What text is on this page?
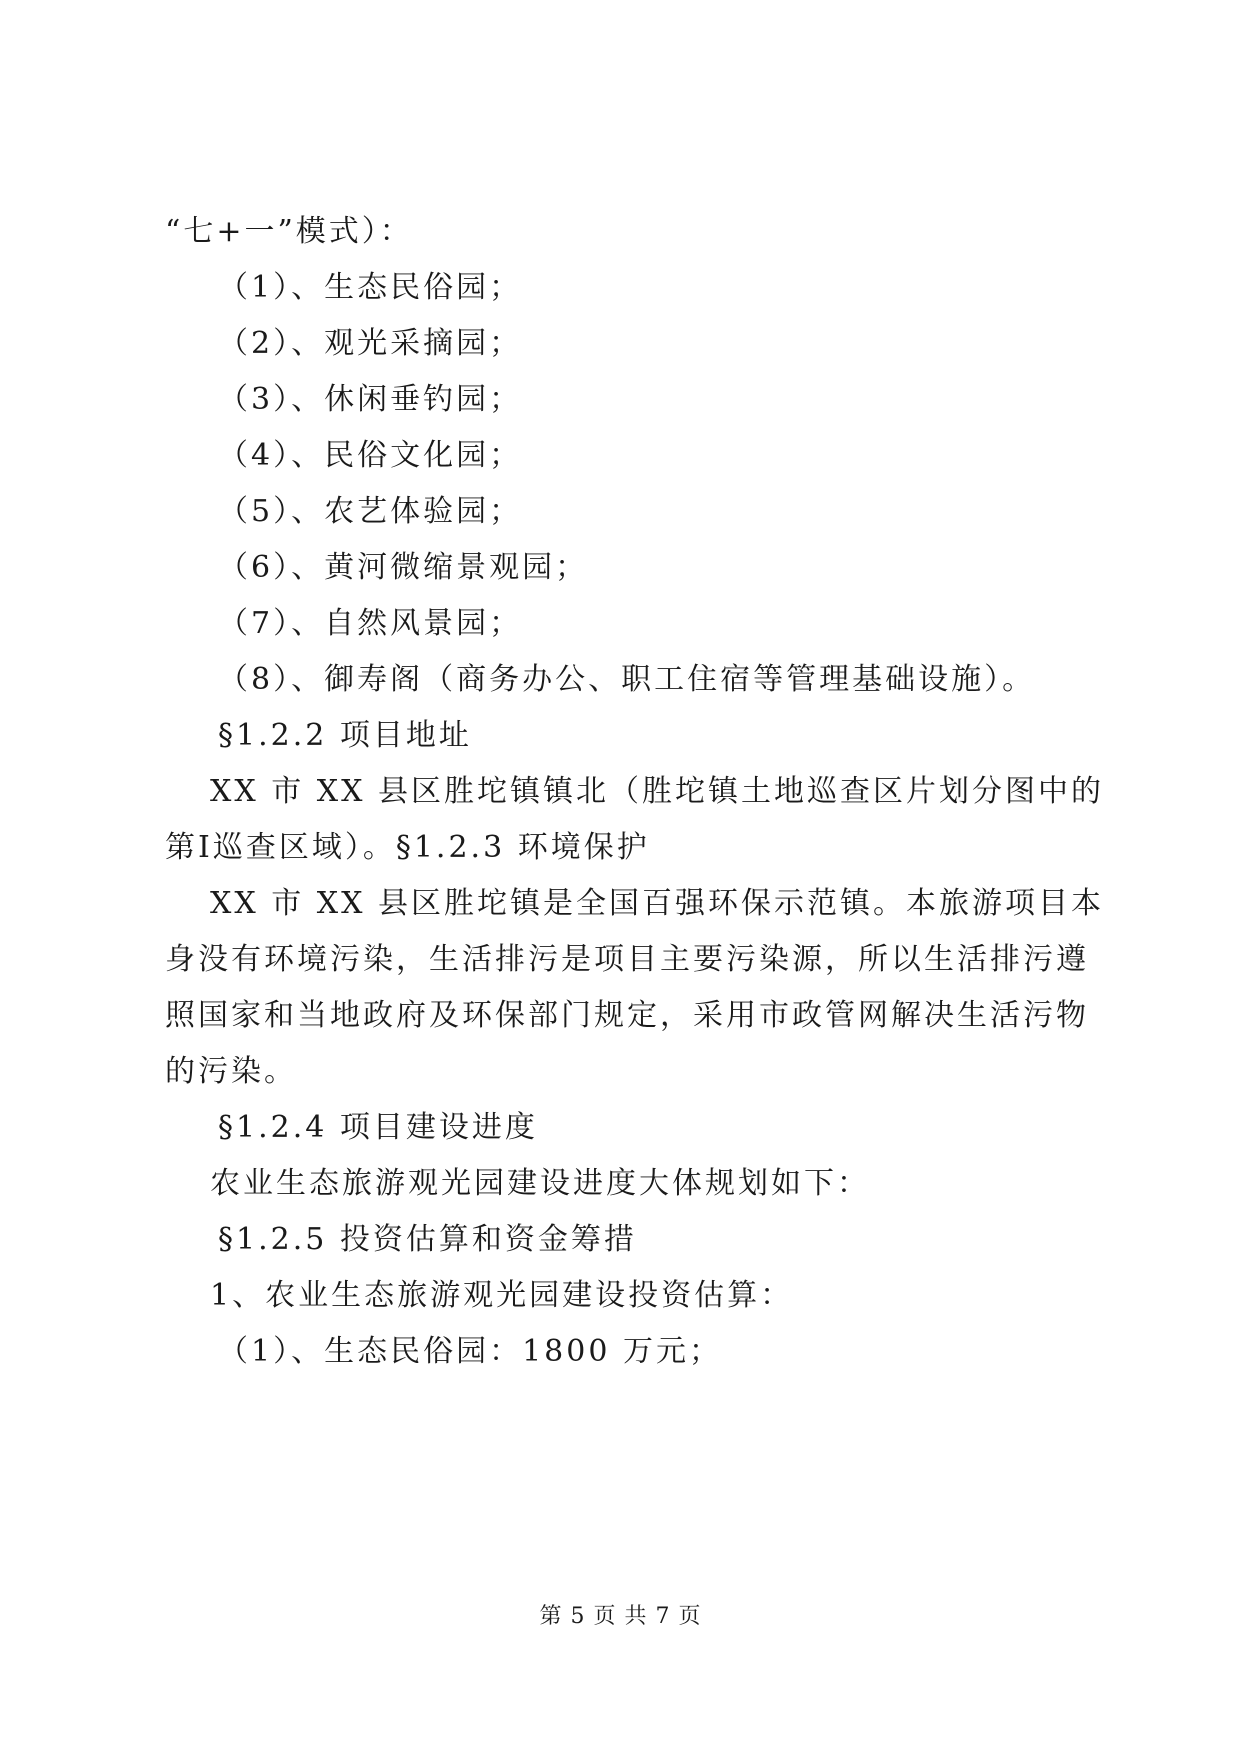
“七+一”模式）：
（1）、生态民俗园；
（2）、观光采摘园；
（3）、休闲垂钓园；
（4）、民俗文化园；
（5）、农艺体验园；
（6）、黄河微缩景观园；
（7）、自然风景园；
（8）、御寿阁（商务办公、职工住宿等管理基础设施）。
§1.2.2 项目地址
XX 市 XX 县区胜坨镇镇北（胜坨镇土地巡查区片划分图中的
第Ⅰ巡查区域）。§1.2.3 环境保护
XX 市 XX 县区胜坨镇是全国百强环保示范镇。本旅游项目本
身没有环境污染，生活排污是项目主要污染源，所以生活排污遵
照国家和当地政府及环保部门规定，采用市政管网解决生活污物
的污染。
§1.2.4 项目建设进度
农业生态旅游观光园建设进度大体规划如下：
§1.2.5 投资估算和资金筹措
1、农业生态旅游观光园建设投资估算：
（1）、生态民俗园：1800 万元；
第 5 页 共 7 页
